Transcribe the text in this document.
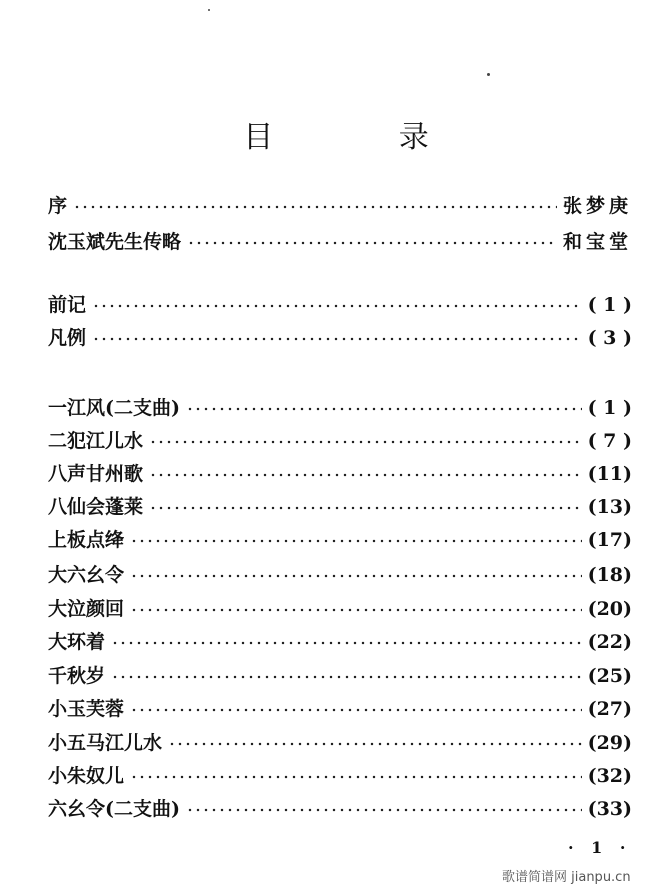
目 录
序	张梦庚
沈玉斌先生传略	和宝堂
前记	( 1 )
凡例	( 3 )
一江风(二支曲)	( 1 )
二犯江儿水	( 7 )
八声甘州歌	(11)
八仙会蓬莱	(13)
上板点绛	(17)
大六幺令	(18)
大泣颜回	(20)
大环着	(22)
千秋岁	(25)
小玉芙蓉	(27)
小五马江儿水	(29)
小朱奴儿	(32)
六幺令(二支曲)	(33)
· 1 ·
歌谱简谱网 jianpu.cn
